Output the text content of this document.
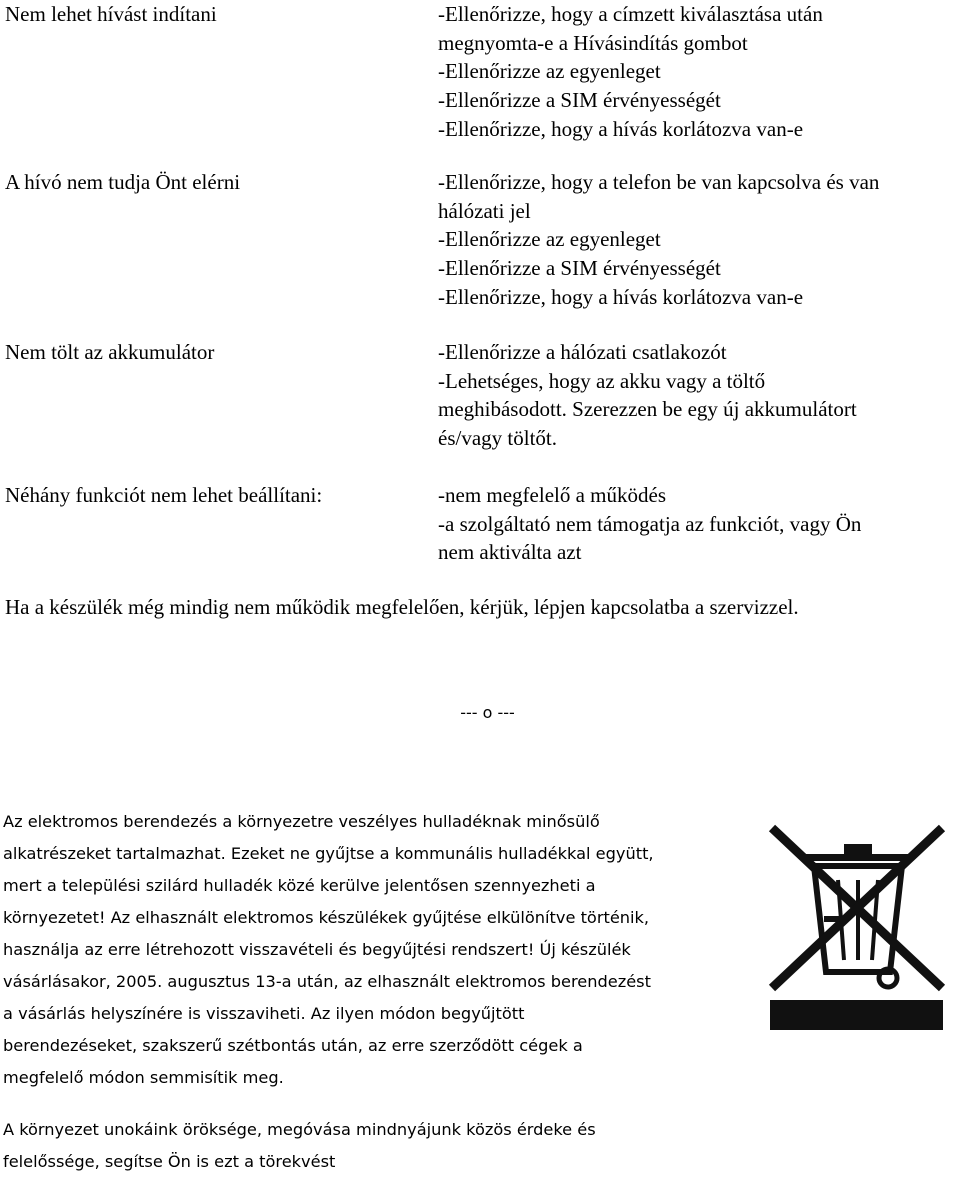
Nem lehet hívást indítani	-Ellenőrizze, hogy a címzett kiválasztása után
megnyomta-e a Hívásindítás gombot
-Ellenőrizze az egyenleget
-Ellenőrizze a SIM érvényességét
-Ellenőrizze, hogy a hívás korlátozva van-e
A hívó nem tudja Önt elérni	-Ellenőrizze, hogy a telefon be van kapcsolva és van
hálózati jel
-Ellenőrizze az egyenleget
-Ellenőrizze a SIM érvényességét
-Ellenőrizze, hogy a hívás korlátozva van-e
Nem tölt az akkumulátor	-Ellenőrizze a hálózati csatlakozót
-Lehetséges, hogy az akku vagy a töltő
meghibásodott. Szerezzen be egy új akkumulátort
és/vagy töltőt.
Néhány funkciót nem lehet beállítani:	-nem megfelelő a működés
-a szolgáltató nem támogatja az funkciót, vagy Ön
nem aktiválta azt
Ha a készülék még mindig nem működik megfelelően, kérjük, lépjen kapcsolatba a szervizzel.
--- o ---
Az elektromos berendezés a környezetre veszélyes hulladéknak minősülő
alkatrészeket tartalmazhat. Ezeket ne gyűjtse a kommunális hulladékkal együtt,
mert a települési szilárd hulladék közé kerülve jelentősen szennyezheti a
környezetet! Az elhasznált elektromos készülékek gyűjtése elkülönítve történik,
használja az erre létrehozott visszavételi és begyűjtési rendszert! Új készülék
vásárlásakor, 2005. augusztus 13-a után, az elhasznált elektromos berendezést
a vásárlás helyszínére is visszaviheti. Az ilyen módon begyűjtött
berendezéseket, szakszerű szétbontás után, az erre szerződött cégek a
megfelelő módon semmisítik meg.
A környezet unokáink öröksége, megóvása mindnyájunk közös érdeke és
felelőssége, segítse Ön is ezt a törekvést
